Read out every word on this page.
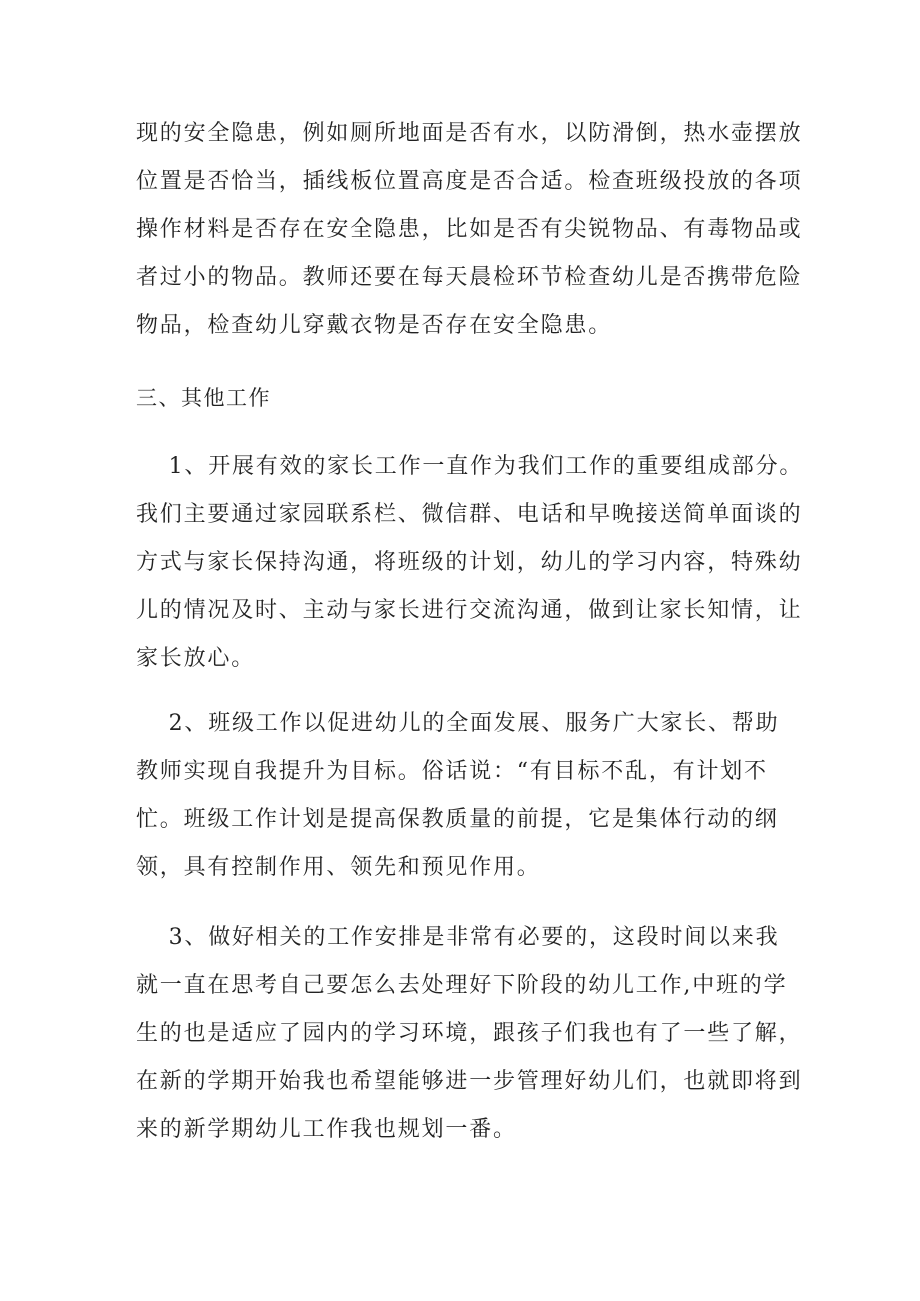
现的安全隐患，例如厕所地面是否有水，以防滑倒，热水壶摆放
位置是否恰当，插线板位置高度是否合适。检查班级投放的各项
操作材料是否存在安全隐患，比如是否有尖锐物品、有毒物品或
者过小的物品。教师还要在每天晨检环节检查幼儿是否携带危险
物品，检查幼儿穿戴衣物是否存在安全隐患。
三、其他工作
　 1、开展有效的家长工作一直作为我们工作的重要组成部分。
我们主要通过家园联系栏、微信群、电话和早晚接送简单面谈的
方式与家长保持沟通，将班级的计划，幼儿的学习内容，特殊幼
儿的情况及时、主动与家长进行交流沟通，做到让家长知情，让
家长放心。
　 2、班级工作以促进幼儿的全面发展、服务广大家长、帮助
教师实现自我提升为目标。俗话说：“有目标不乱，有计划不
忙。班级工作计划是提高保教质量的前提，它是集体行动的纲
领，具有控制作用、领先和预见作用。
　 3、做好相关的工作安排是非常有必要的，这段时间以来我
就一直在思考自己要怎么去处理好下阶段的幼儿工作,中班的学
生的也是适应了园内的学习环境，跟孩子们我也有了一些了解，
在新的学期开始我也希望能够进一步管理好幼儿们，也就即将到
来的新学期幼儿工作我也规划一番。
